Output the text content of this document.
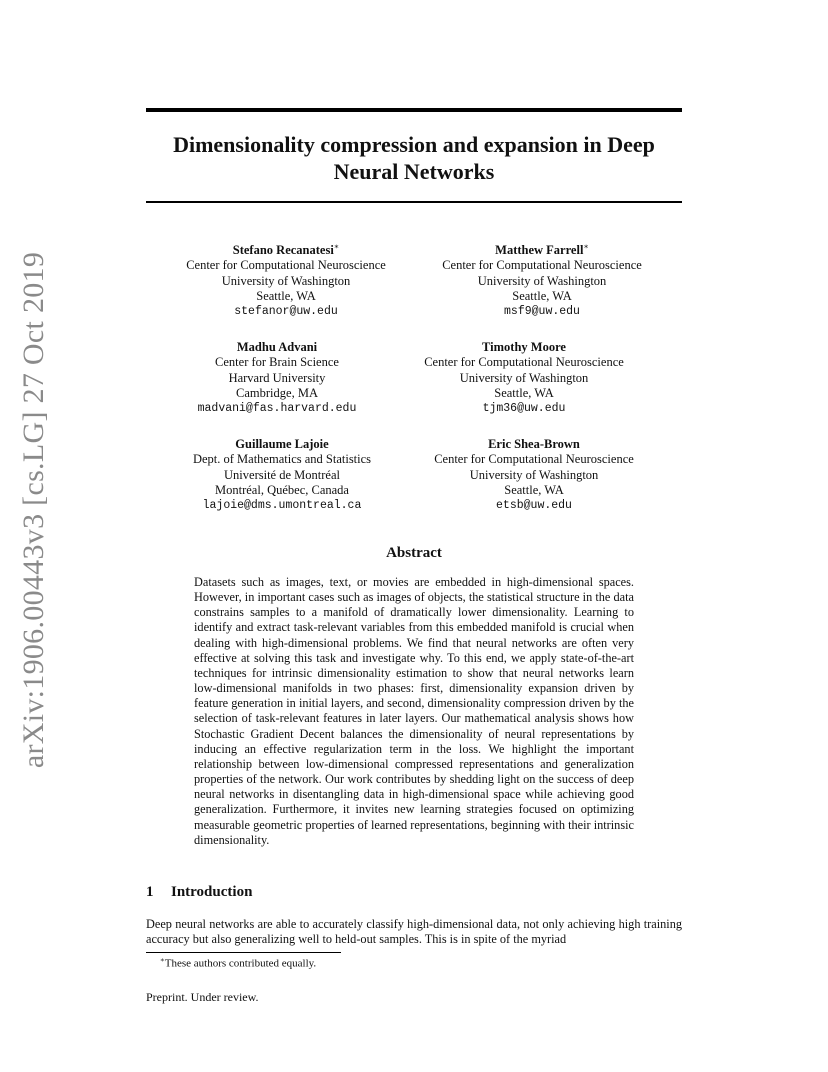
arXiv:1906.00443v3 [cs.LG] 27 Oct 2019
Dimensionality compression and expansion in Deep Neural Networks
Stefano Recanatesi∗
Center for Computational Neuroscience
University of Washington
Seattle, WA
stefanor@uw.edu
Matthew Farrell∗
Center for Computational Neuroscience
University of Washington
Seattle, WA
msf9@uw.edu
Madhu Advani
Center for Brain Science
Harvard University
Cambridge, MA
madvani@fas.harvard.edu
Timothy Moore
Center for Computational Neuroscience
University of Washington
Seattle, WA
tjm36@uw.edu
Guillaume Lajoie
Dept. of Mathematics and Statistics
Université de Montréal
Montréal, Québec, Canada
lajoie@dms.umontreal.ca
Eric Shea-Brown
Center for Computational Neuroscience
University of Washington
Seattle, WA
etsb@uw.edu
Abstract

Datasets such as images, text, or movies are embedded in high-dimensional spaces. However, in important cases such as images of objects, the statistical structure in the data constrains samples to a manifold of dramatically lower dimensionality. Learning to identify and extract task-relevant variables from this embedded manifold is crucial when dealing with high-dimensional problems. We find that neural networks are often very effective at solving this task and investigate why. To this end, we apply state-of-the-art techniques for intrinsic dimensionality estimation to show that neural networks learn low-dimensional manifolds in two phases: first, dimensionality expansion driven by feature generation in initial layers, and second, dimensionality compression driven by the selection of task-relevant features in later layers. Our mathematical analysis shows how Stochastic Gradient Decent balances the dimensionality of neural representations by inducing an effective regularization term in the loss. We highlight the important relationship between low-dimensional compressed representations and generalization properties of the network. Our work contributes by shedding light on the success of deep neural networks in disentangling data in high-dimensional space while achieving good generalization. Furthermore, it invites new learning strategies focused on optimizing measurable geometric properties of learned representations, beginning with their intrinsic dimensionality.

1 Introduction

Deep neural networks are able to accurately classify high-dimensional data, not only achieving high training accuracy but also generalizing well to held-out samples. This is in spite of the myriad

∗These authors contributed equally.
Preprint. Under review.
